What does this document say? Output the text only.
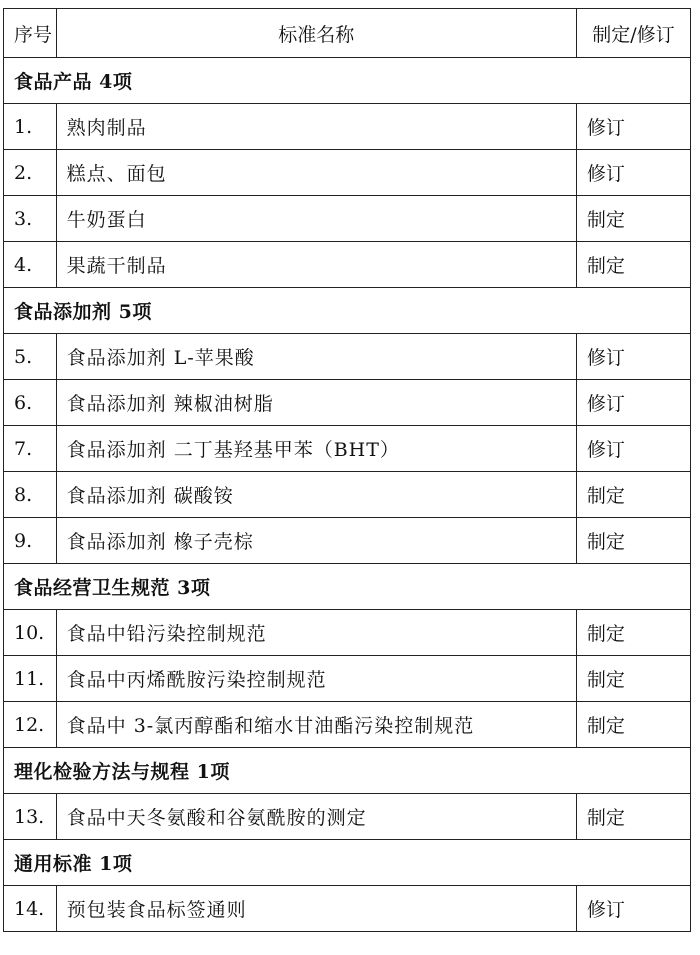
序号	标准名称	制定/修订
食品产品 4项		
1.	熟肉制品	修订
2.	糕点、面包	修订
3.	牛奶蛋白	制定
4.	果蔬干制品	制定
食品添加剂 5项		
5.	食品添加剂 L-苹果酸	修订
6.	食品添加剂 辣椒油树脂	修订
7.	食品添加剂 二丁基羟基甲苯（BHT）	修订
8.	食品添加剂 碳酸铵	制定
9.	食品添加剂 橡子壳棕	制定
食品经营卫生规范 3项		
10.	食品中铅污染控制规范	制定
11.	食品中丙烯酰胺污染控制规范	制定
12.	食品中 3-氯丙醇酯和缩水甘油酯污染控制规范	制定
理化检验方法与规程 1项		
13.	食品中天冬氨酸和谷氨酰胺的测定	制定
通用标准 1项		
14.	预包装食品标签通则	修订
